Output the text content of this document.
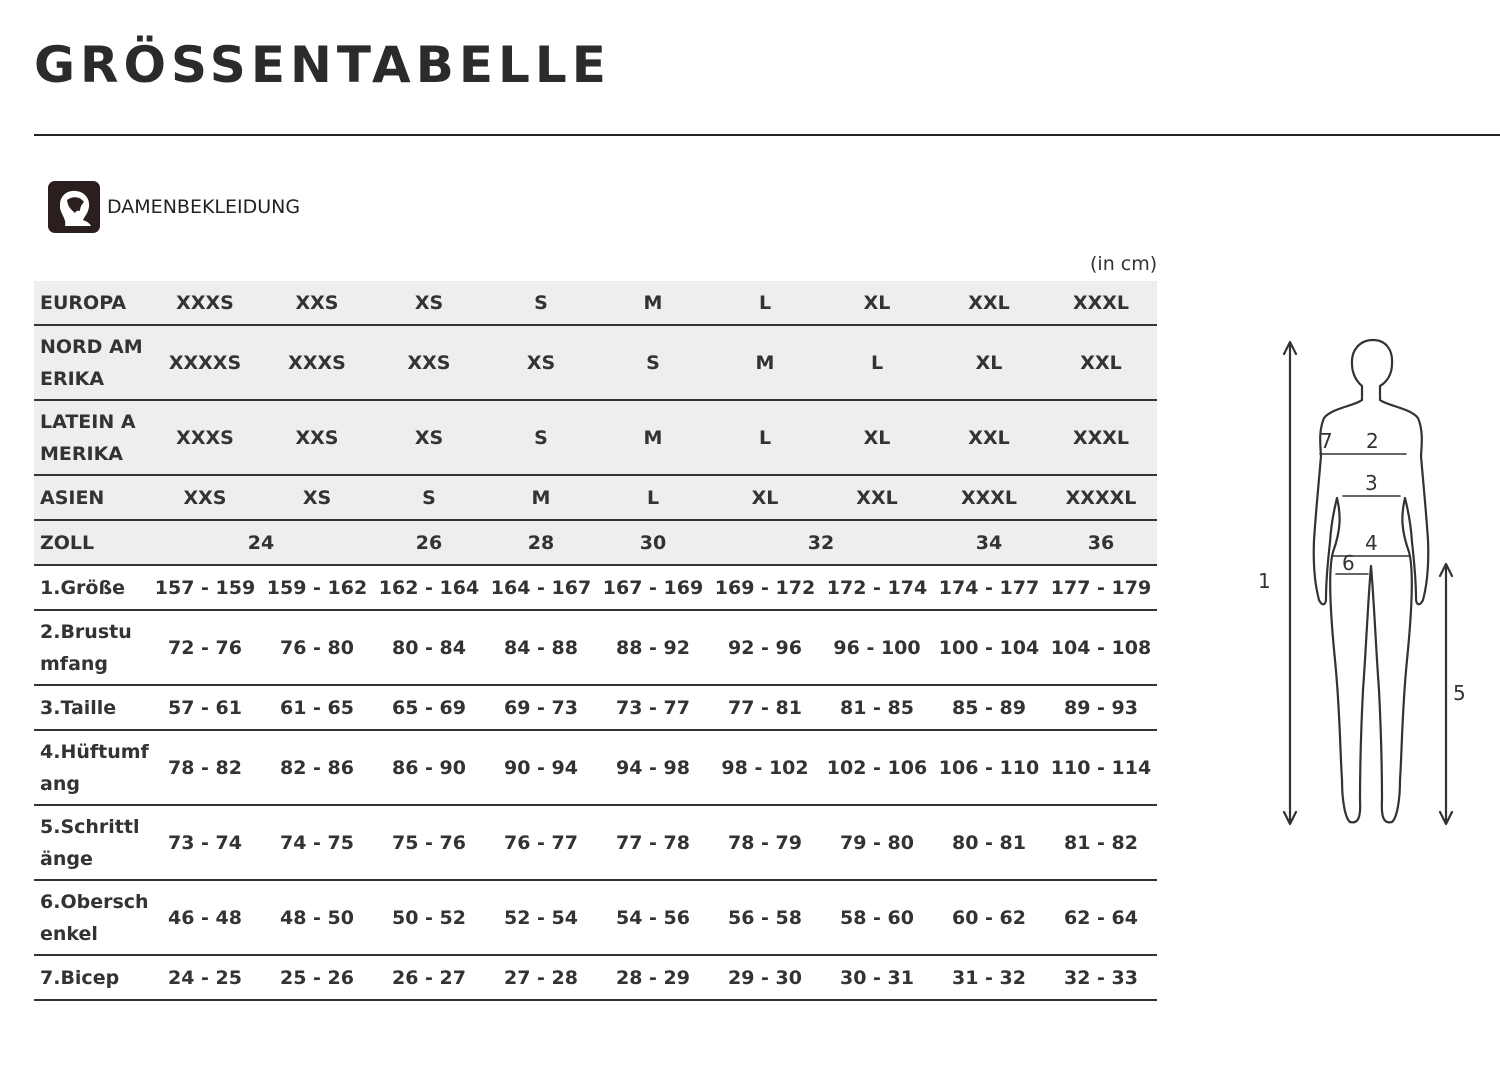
GRÖSSENTABELLE
DAMENBEKLEIDUNG
(in cm)
EUROPA	XXXS	XXS	XS	S	M	L	XL	XXL	XXXL
NORD AMERIKA	XXXXS	XXXS	XXS	XS	S	M	L	XL	XXL
LATEIN AMERIKA	XXXS	XXS	XS	S	M	L	XL	XXL	XXXL
ASIEN	XXS	XS	S	M	L	XL	XXL	XXXL	XXXXL
ZOLL	24		26	28	30	32		34	36
1.Größe	157 - 159	159 - 162	162 - 164	164 - 167	167 - 169	169 - 172	172 - 174	174 - 177	177 - 179
2.Brustumfang	72 - 76	76 - 80	80 - 84	84 - 88	88 - 92	92 - 96	96 - 100	100 - 104	104 - 108
3.Taille	57 - 61	61 - 65	65 - 69	69 - 73	73 - 77	77 - 81	81 - 85	85 - 89	89 - 93
4.Hüftumfang	78 - 82	82 - 86	86 - 90	90 - 94	94 - 98	98 - 102	102 - 106	106 - 110	110 - 114
5.Schrittlänge	73 - 74	74 - 75	75 - 76	76 - 77	77 - 78	78 - 79	79 - 80	80 - 81	81 - 82
6.Oberschenkel	46 - 48	48 - 50	50 - 52	52 - 54	54 - 56	56 - 58	58 - 60	60 - 62	62 - 64
7.Bicep	24 - 25	25 - 26	26 - 27	27 - 28	28 - 29	29 - 30	30 - 31	31 - 32	32 - 33
1
7 2
3
4
6
5
